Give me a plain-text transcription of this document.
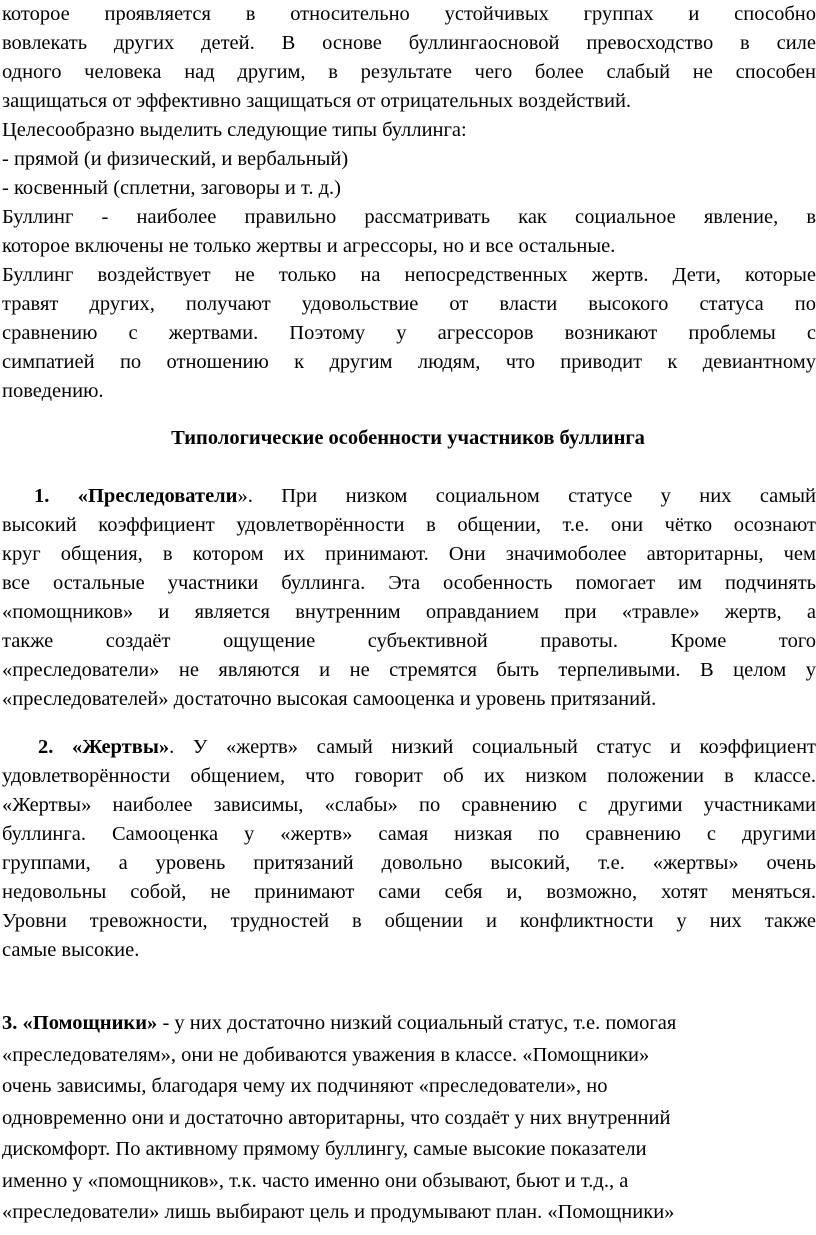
которое проявляется в относительно устойчивых группах и способно
вовлекать других детей. В основе буллингаосновой превосходство в силе
одного человека над другим, в результате чего более слабый не способен
защищаться от эффективно защищаться от отрицательных воздействий.
Целесообразно выделить следующие типы буллинга:
- прямой (и физический, и вербальный)
- косвенный (сплетни, заговоры и т. д.)
Буллинг - наиболее правильно рассматривать как социальное явление, в
которое включены не только жертвы и агрессоры, но и все остальные.
Буллинг воздействует не только на непосредственных жертв. Дети, которые
травят других, получают удовольствие от власти высокого статуса по
сравнению с жертвами. Поэтому у агрессоров возникают проблемы с
симпатией по отношению к другим людям, что приводит к девиантному
поведению.
Типологические особенности участников буллинга
1. «Преследователи». При низком социальном статусе у них самый
высокий коэффициент удовлетворённости в общении, т.е. они чётко осознают
круг общения, в котором их принимают. Они значимоболее авторитарны, чем
все остальные участники буллинга. Эта особенность помогает им подчинять
«помощников» и является внутренним оправданием при «травле» жертв, а
также создаёт ощущение субъективной правоты. Кроме того
«преследователи» не являются и не стремятся быть терпеливыми. В целом у
«преследователей» достаточно высокая самооценка и уровень притязаний.
2. «Жертвы». У «жертв» самый низкий социальный статус и коэффициент
удовлетворённости общением, что говорит об их низком положении в классе.
«Жертвы» наиболее зависимы, «слабы» по сравнению с другими участниками
буллинга. Самооценка у «жертв» самая низкая по сравнению с другими
группами, а уровень притязаний довольно высокий, т.е. «жертвы» очень
недовольны собой, не принимают сами себя и, возможно, хотят меняться.
Уровни тревожности, трудностей в общении и конфликтности у них также
самые высокие.
3. «Помощники» - у них достаточно низкий социальный статус, т.е. помогая
«преследователям», они не добиваются уважения в классе. «Помощники»
очень зависимы, благодаря чему их подчиняют «преследователи», но
одновременно они и достаточно авторитарны, что создаёт у них внутренний
дискомфорт. По активному прямому буллингу, самые высокие показатели
именно у «помощников», т.к. часто именно они обзывают, бьют и т.д., а
«преследователи» лишь выбирают цель и продумывают план. «Помощники»
